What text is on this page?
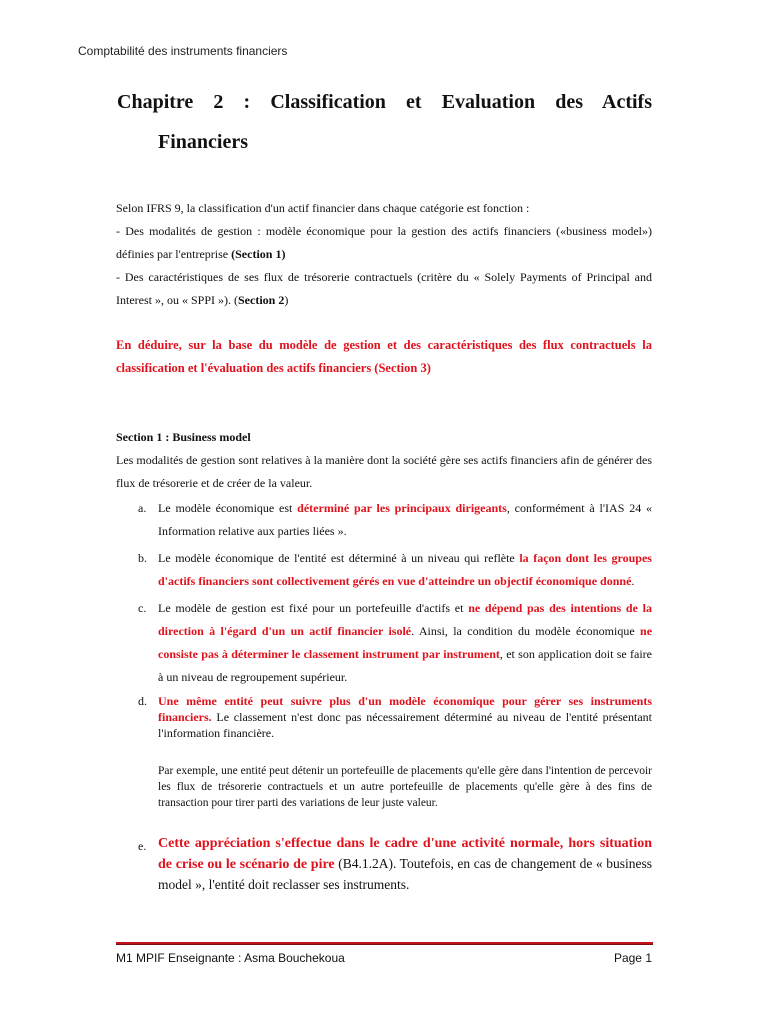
Comptabilité des instruments financiers
Chapitre 2 : Classification et Evaluation des Actifs
Financiers
Selon IFRS 9, la classification d'un actif financier dans chaque catégorie est fonction :
- Des modalités de gestion : modèle économique pour la gestion des actifs financiers («business model») définies par l'entreprise (Section 1)
- Des caractéristiques de ses flux de trésorerie contractuels (critère du « Solely Payments of Principal and Interest », ou « SPPI »). (Section 2)
En déduire, sur la base du modèle de gestion et des caractéristiques des flux contractuels la classification et l'évaluation des actifs financiers (Section 3)
Section 1 : Business model
Les modalités de gestion sont relatives à la manière dont la société gère ses actifs financiers afin de générer des flux de trésorerie et de créer de la valeur.
a. Le modèle économique est déterminé par les principaux dirigeants, conformément à l'IAS 24 « Information relative aux parties liées ».
b. Le modèle économique de l'entité est déterminé à un niveau qui reflète la façon dont les groupes d'actifs financiers sont collectivement gérés en vue d'atteindre un objectif économique donné.
c. Le modèle de gestion est fixé pour un portefeuille d'actifs et ne dépend pas des intentions de la direction à l'égard d'un un actif financier isolé. Ainsi, la condition du modèle économique ne consiste pas à déterminer le classement instrument par instrument, et son application doit se faire à un niveau de regroupement supérieur.
d. Une même entité peut suivre plus d'un modèle économique pour gérer ses instruments financiers. Le classement n'est donc pas nécessairement déterminé au niveau de l'entité présentant l'information financière.
Par exemple, une entité peut détenir un portefeuille de placements qu'elle gère dans l'intention de percevoir les flux de trésorerie contractuels et un autre portefeuille de placements qu'elle gère à des fins de transaction pour tirer parti des variations de leur juste valeur.
e. Cette appréciation s'effectue dans le cadre d'une activité normale, hors situation de crise ou le scénario de pire (B4.1.2A). Toutefois, en cas de changement de « business model », l'entité doit reclasser ses instruments.
M1 MPIF Enseignante : Asma Bouchekoua	Page 1
